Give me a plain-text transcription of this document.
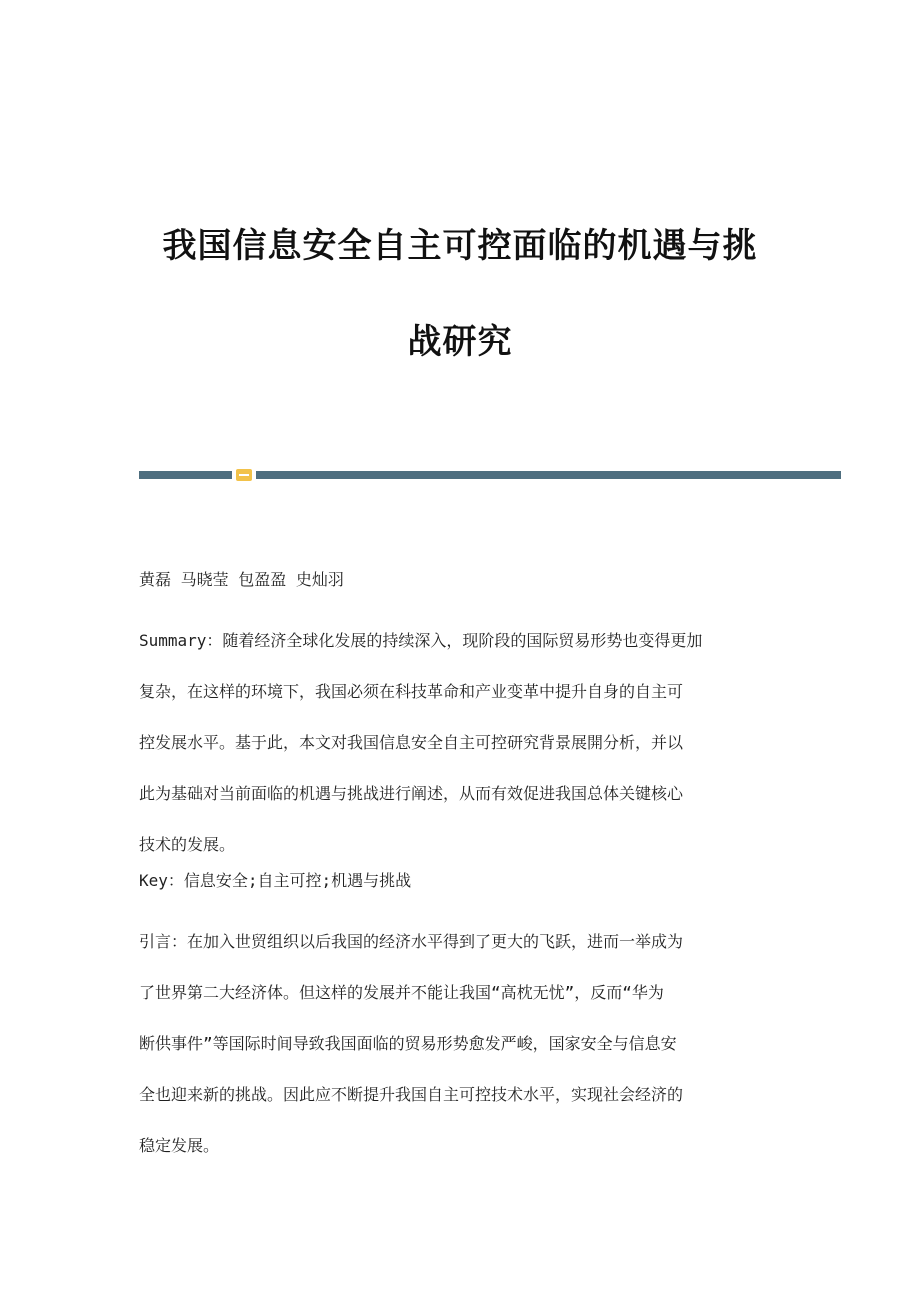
我国信息安全自主可控面临的机遇与挑
战研究

黄磊 马晓莹 包盈盈 史灿羽

Summary：随着经济全球化发展的持续深入，现阶段的国际贸易形势也变得更加
复杂，在这样的环境下，我国必须在科技革命和产业变革中提升自身的自主可
控发展水平。基于此，本文对我国信息安全自主可控研究背景展開分析，并以
此为基础对当前面临的机遇与挑战进行阐述，从而有效促进我国总体关键核心
技术的发展。

Key：信息安全;自主可控;机遇与挑战

引言：在加入世贸组织以后我国的经济水平得到了更大的飞跃，进而一举成为
了世界第二大经济体。但这样的发展并不能让我国“高枕无忧”，反而“华为
断供事件”等国际时间导致我国面临的贸易形势愈发严峻，国家安全与信息安
全也迎来新的挑战。因此应不断提升我国自主可控技术水平，实现社会经济的
稳定发展。
